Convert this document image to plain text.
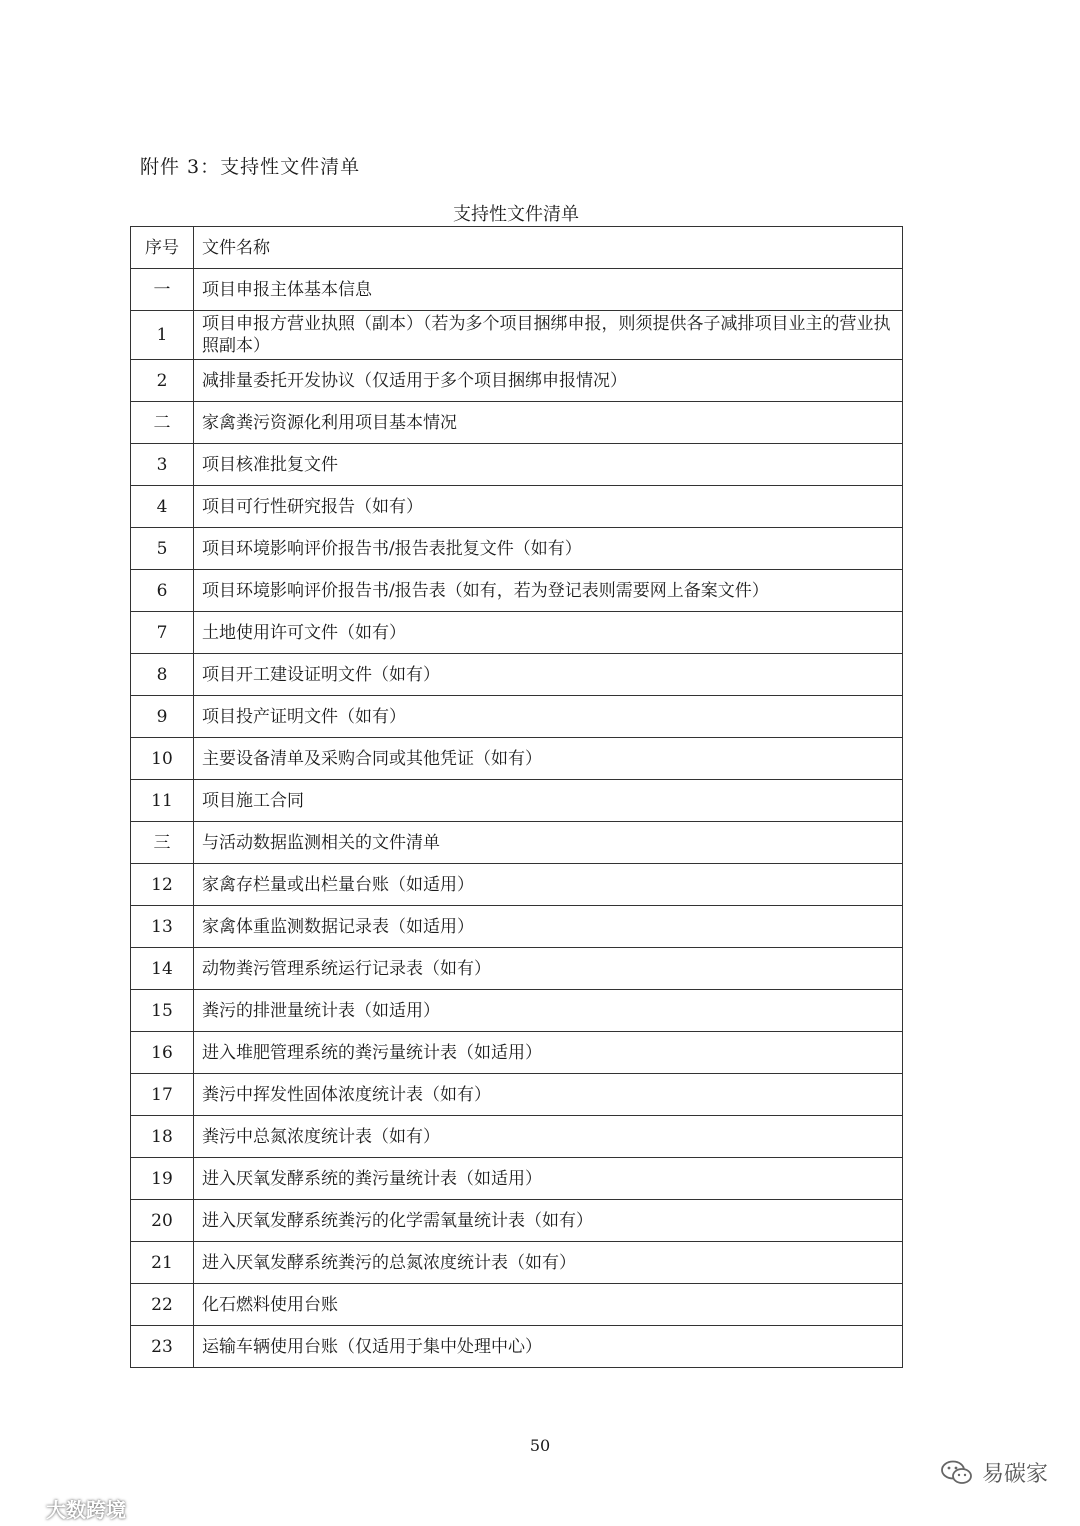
附件 3：支持性文件清单
支持性文件清单
序号	文件名称
一	项目申报主体基本信息
1	项目申报方营业执照（副本）（若为多个项目捆绑申报，则须提供各子减排项目业主的营业执照副本）
2	减排量委托开发协议（仅适用于多个项目捆绑申报情况）
二	家禽粪污资源化利用项目基本情况
3	项目核准批复文件
4	项目可行性研究报告（如有）
5	项目环境影响评价报告书/报告表批复文件（如有）
6	项目环境影响评价报告书/报告表（如有，若为登记表则需要网上备案文件）
7	土地使用许可文件（如有）
8	项目开工建设证明文件（如有）
9	项目投产证明文件（如有）
10	主要设备清单及采购合同或其他凭证（如有）
11	项目施工合同
三	与活动数据监测相关的文件清单
12	家禽存栏量或出栏量台账（如适用）
13	家禽体重监测数据记录表（如适用）
14	动物粪污管理系统运行记录表（如有）
15	粪污的排泄量统计表（如适用）
16	进入堆肥管理系统的粪污量统计表（如适用）
17	粪污中挥发性固体浓度统计表（如有）
18	粪污中总氮浓度统计表（如有）
19	进入厌氧发酵系统的粪污量统计表（如适用）
20	进入厌氧发酵系统粪污的化学需氧量统计表（如有）
21	进入厌氧发酵系统粪污的总氮浓度统计表（如有）
22	化石燃料使用台账
23	运输车辆使用台账（仅适用于集中处理中心）
50
大数跨境
易碳家
